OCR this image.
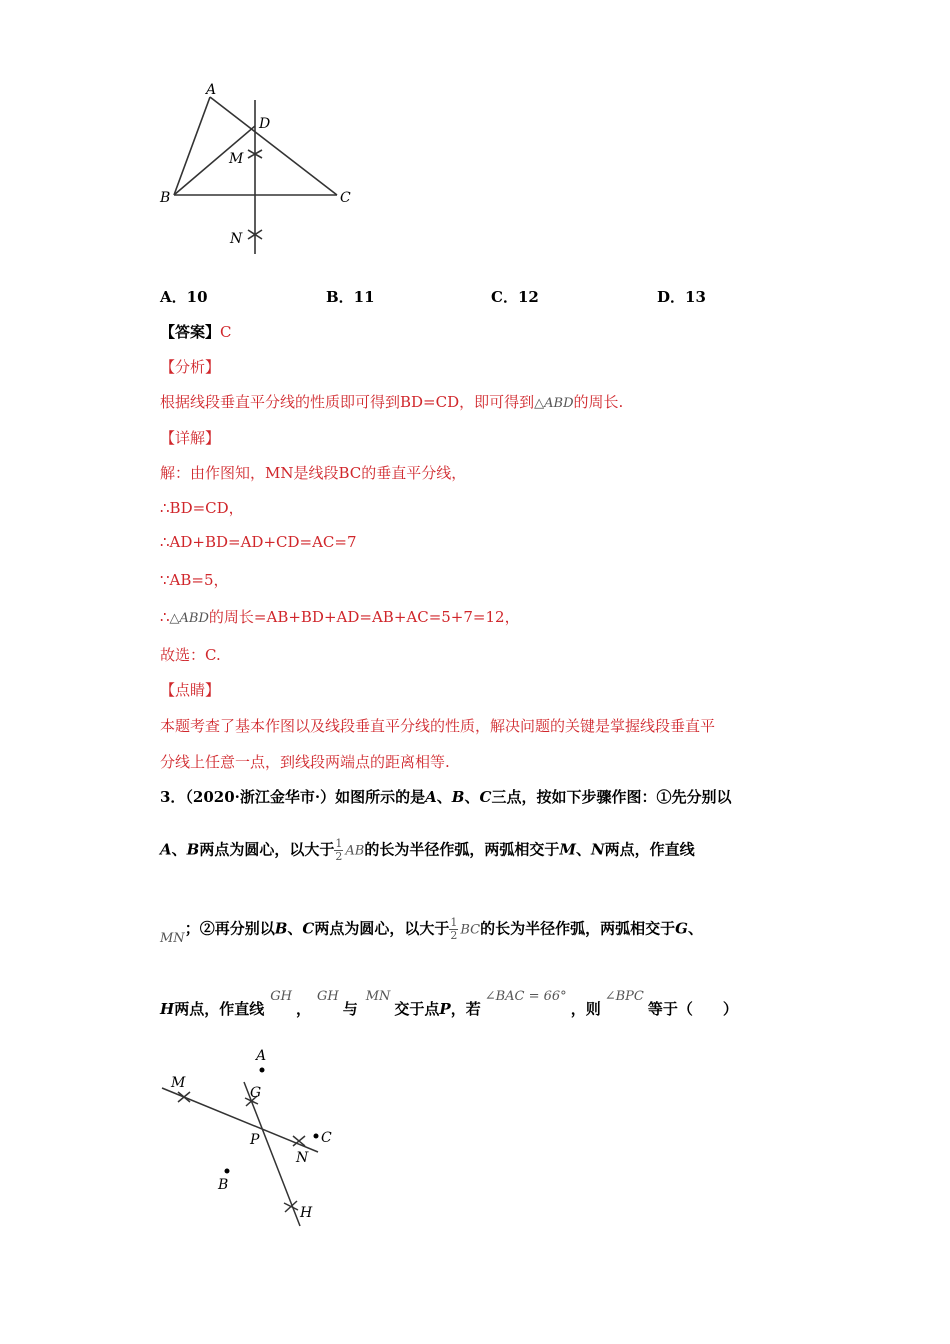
A
D
M
B	C
N
A．10	B．11	C．12	D．13
【答案】C
【分析】
根据线段垂直平分线的性质即可得到BD=CD，即可得到△ABD的周长.
【详解】
解：由作图知，MN是线段BC的垂直平分线，
∴BD=CD，
∴AD+BD=AD+CD=AC=7
∵AB=5，
∴△ABD的周长=AB+BD+AD=AB+AC=5+7=12，
故选：C.
【点睛】
本题考查了基本作图以及线段垂直平分线的性质，解决问题的关键是掌握线段垂直平
分线上任意一点，到线段两端点的距离相等.
3．（2020·浙江金华市·）如图所示的是A、B、C三点，按如下步骤作图：①先分别以
A、B两点为圆心，以大于 $\frac{1}{2}$ AB的长为半径作弧，两弧相交于M、N两点，作直线
MN；②再分别以B、C两点为圆心，以大于 $\frac{1}{2}$ BC的长为半径作弧，两弧相交于G、
H两点，作直线GH，GH与MN交于点P，若∠BAC = 66°，则∠BPC等于（　　）
A
M
G
P	C
N
B
H
